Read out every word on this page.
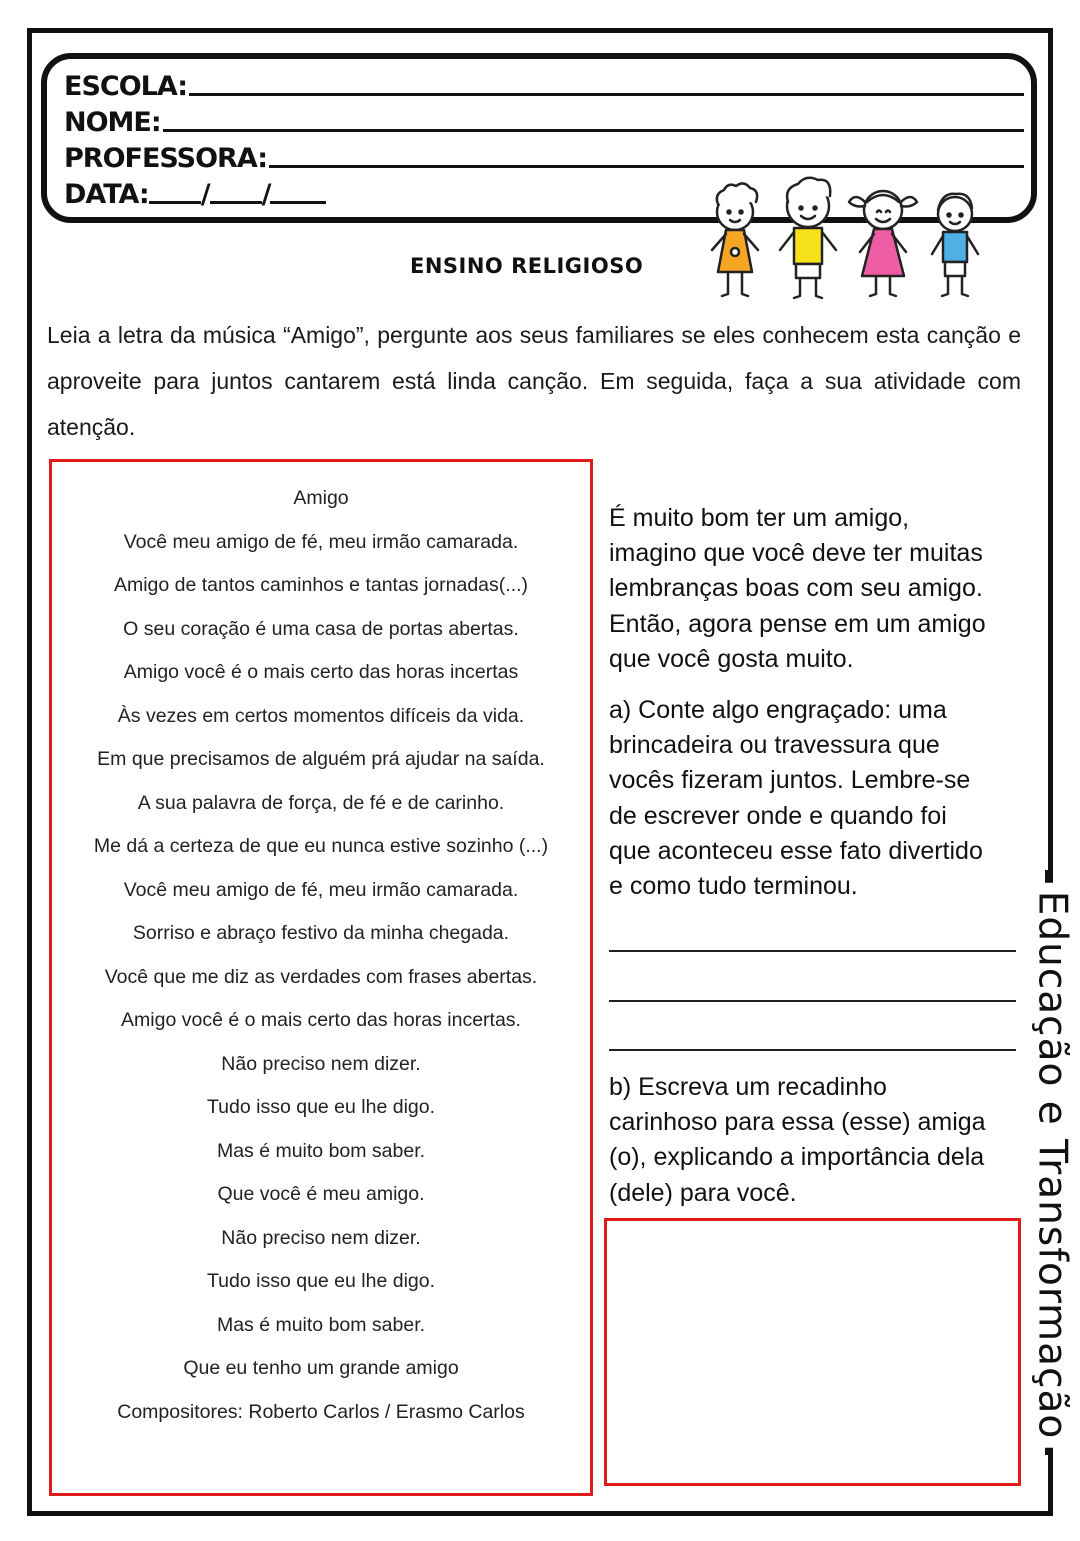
ESCOLA:
NOME:
PROFESSORA:
DATA: / /
ENSINO RELIGIOSO
Leia a letra da música “Amigo”, pergunte aos seus familiares se eles conhecem esta canção e aproveite para juntos cantarem está linda canção. Em seguida, faça a sua atividade com atenção.
Amigo
Você meu amigo de fé, meu irmão camarada.
Amigo de tantos caminhos e tantas jornadas(...)
O seu coração é uma casa de portas abertas.
Amigo você é o mais certo das horas incertas
Às vezes em certos momentos difíceis da vida.
Em que precisamos de alguém prá ajudar na saída.
A sua palavra de força, de fé e de carinho.
Me dá a certeza de que eu nunca estive sozinho (...)
Você meu amigo de fé, meu irmão camarada.
Sorriso e abraço festivo da minha chegada.
Você que me diz as verdades com frases abertas.
Amigo você é o mais certo das horas incertas.
Não preciso nem dizer.
Tudo isso que eu lhe digo.
Mas é muito bom saber.
Que você é meu amigo.
Não preciso nem dizer.
Tudo isso que eu lhe digo.
Mas é muito bom saber.
Que eu tenho um grande amigo
Compositores: Roberto Carlos / Erasmo Carlos
É muito bom ter um amigo,
imagino que você deve ter muitas
lembranças boas com seu amigo.
Então, agora pense em um amigo
que você gosta muito.
a) Conte algo engraçado: uma
brincadeira ou travessura que
vocês fizeram juntos. Lembre-se
de escrever onde e quando foi
que aconteceu esse fato divertido
e como tudo terminou.
b) Escreva um recadinho
carinhoso para essa (esse) amiga
(o), explicando a importância dela
(dele) para você.	Educação e Transformação
